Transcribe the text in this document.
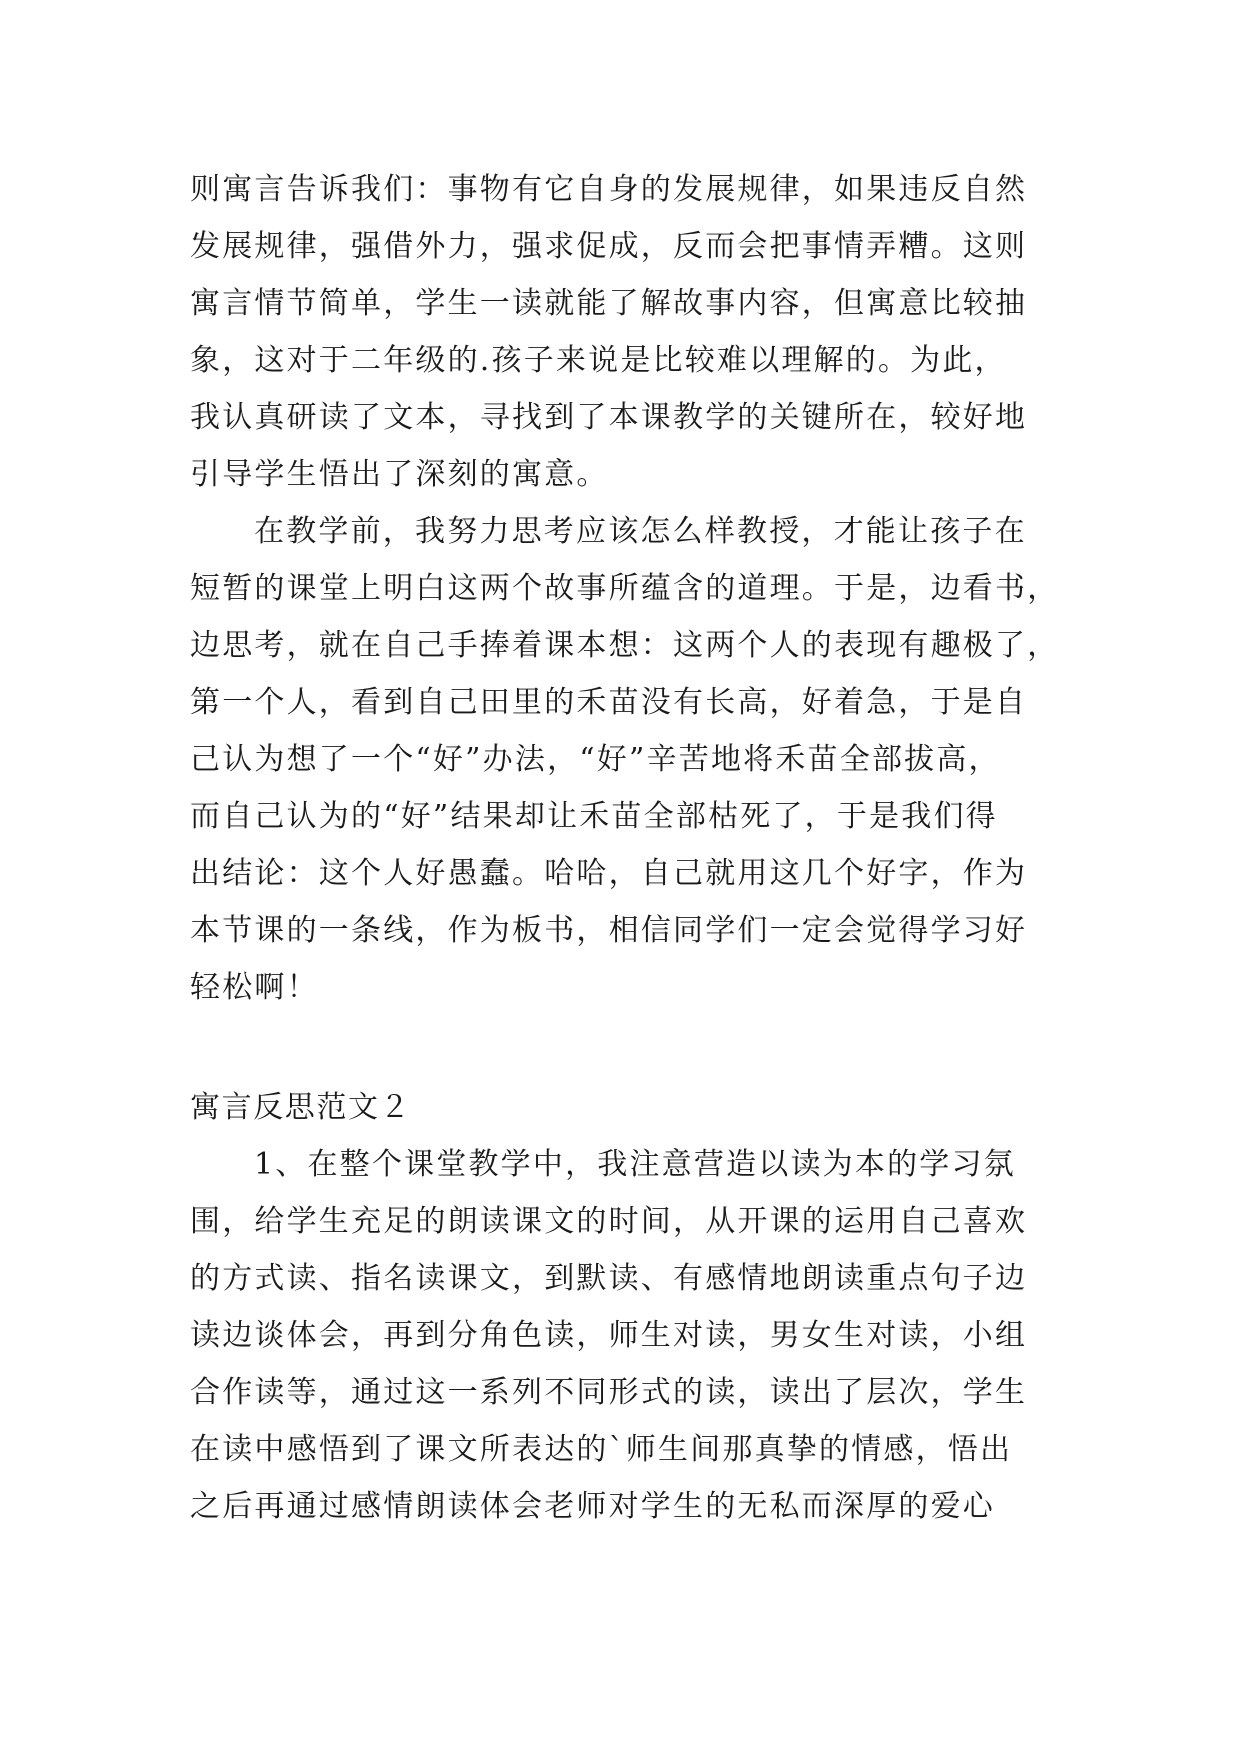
则寓言告诉我们：事物有它自身的发展规律，如果违反自然

发展规律，强借外力，强求促成，反而会把事情弄糟。这则

寓言情节简单，学生一读就能了解故事内容，但寓意比较抽

象，这对于二年级的.孩子来说是比较难以理解的。为此，

我认真研读了文本，寻找到了本课教学的关键所在，较好地

引导学生悟出了深刻的寓意。

在教学前，我努力思考应该怎么样教授，才能让孩子在

短暂的课堂上明白这两个故事所蕴含的道理。于是，边看书，

边思考，就在自己手捧着课本想：这两个人的表现有趣极了，

第一个人，看到自己田里的禾苗没有长高，好着急，于是自

己认为想了一个“好”办法，“好”辛苦地将禾苗全部拔高，

而自己认为的“好”结果却让禾苗全部枯死了，于是我们得

出结论：这个人好愚蠢。哈哈，自己就用这几个好字，作为

本节课的一条线，作为板书，相信同学们一定会觉得学习好

轻松啊！

寓言反思范文２

1、在整个课堂教学中，我注意营造以读为本的学习氛

围，给学生充足的朗读课文的时间，从开课的运用自己喜欢

的方式读、指名读课文，到默读、有感情地朗读重点句子边

读边谈体会，再到分角色读，师生对读，男女生对读，小组

合作读等，通过这一系列不同形式的读，读出了层次，学生

在读中感悟到了课文所表达的`师生间那真挚的情感，悟出

之后再通过感情朗读体会老师对学生的无私而深厚的爱心
